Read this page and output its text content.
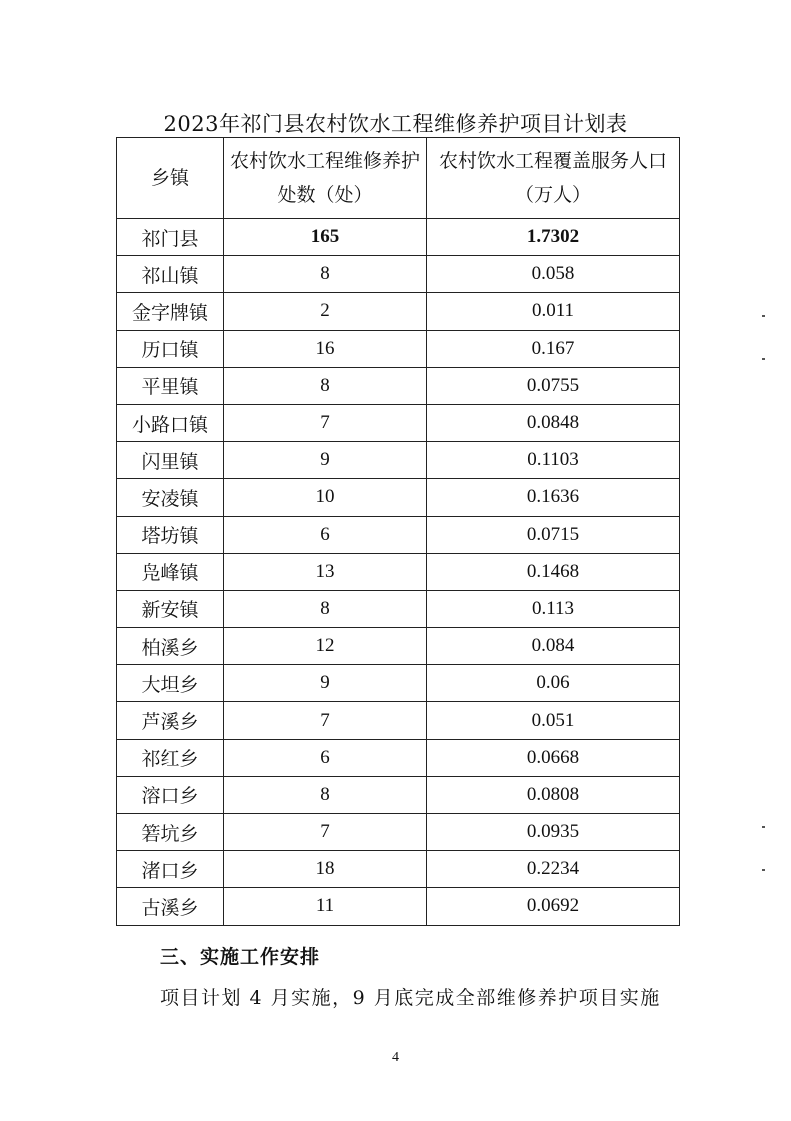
2023年祁门县农村饮水工程维修养护项目计划表
乡镇	农村饮水工程维修养护处数（处）	农村饮水工程覆盖服务人口（万人）
祁门县	165	1.7302
祁山镇	8	0.058
金字牌镇	2	0.011
历口镇	16	0.167
平里镇	8	0.0755
小路口镇	7	0.0848
闪里镇	9	0.1103
安凌镇	10	0.1636
塔坊镇	6	0.0715
凫峰镇	13	0.1468
新安镇	8	0.113
柏溪乡	12	0.084
大坦乡	9	0.06
芦溪乡	7	0.051
祁红乡	6	0.0668
溶口乡	8	0.0808
箬坑乡	7	0.0935
渚口乡	18	0.2234
古溪乡	11	0.0692
三、实施工作安排
项目计划 4 月实施，9 月底完成全部维修养护项目实施
4
